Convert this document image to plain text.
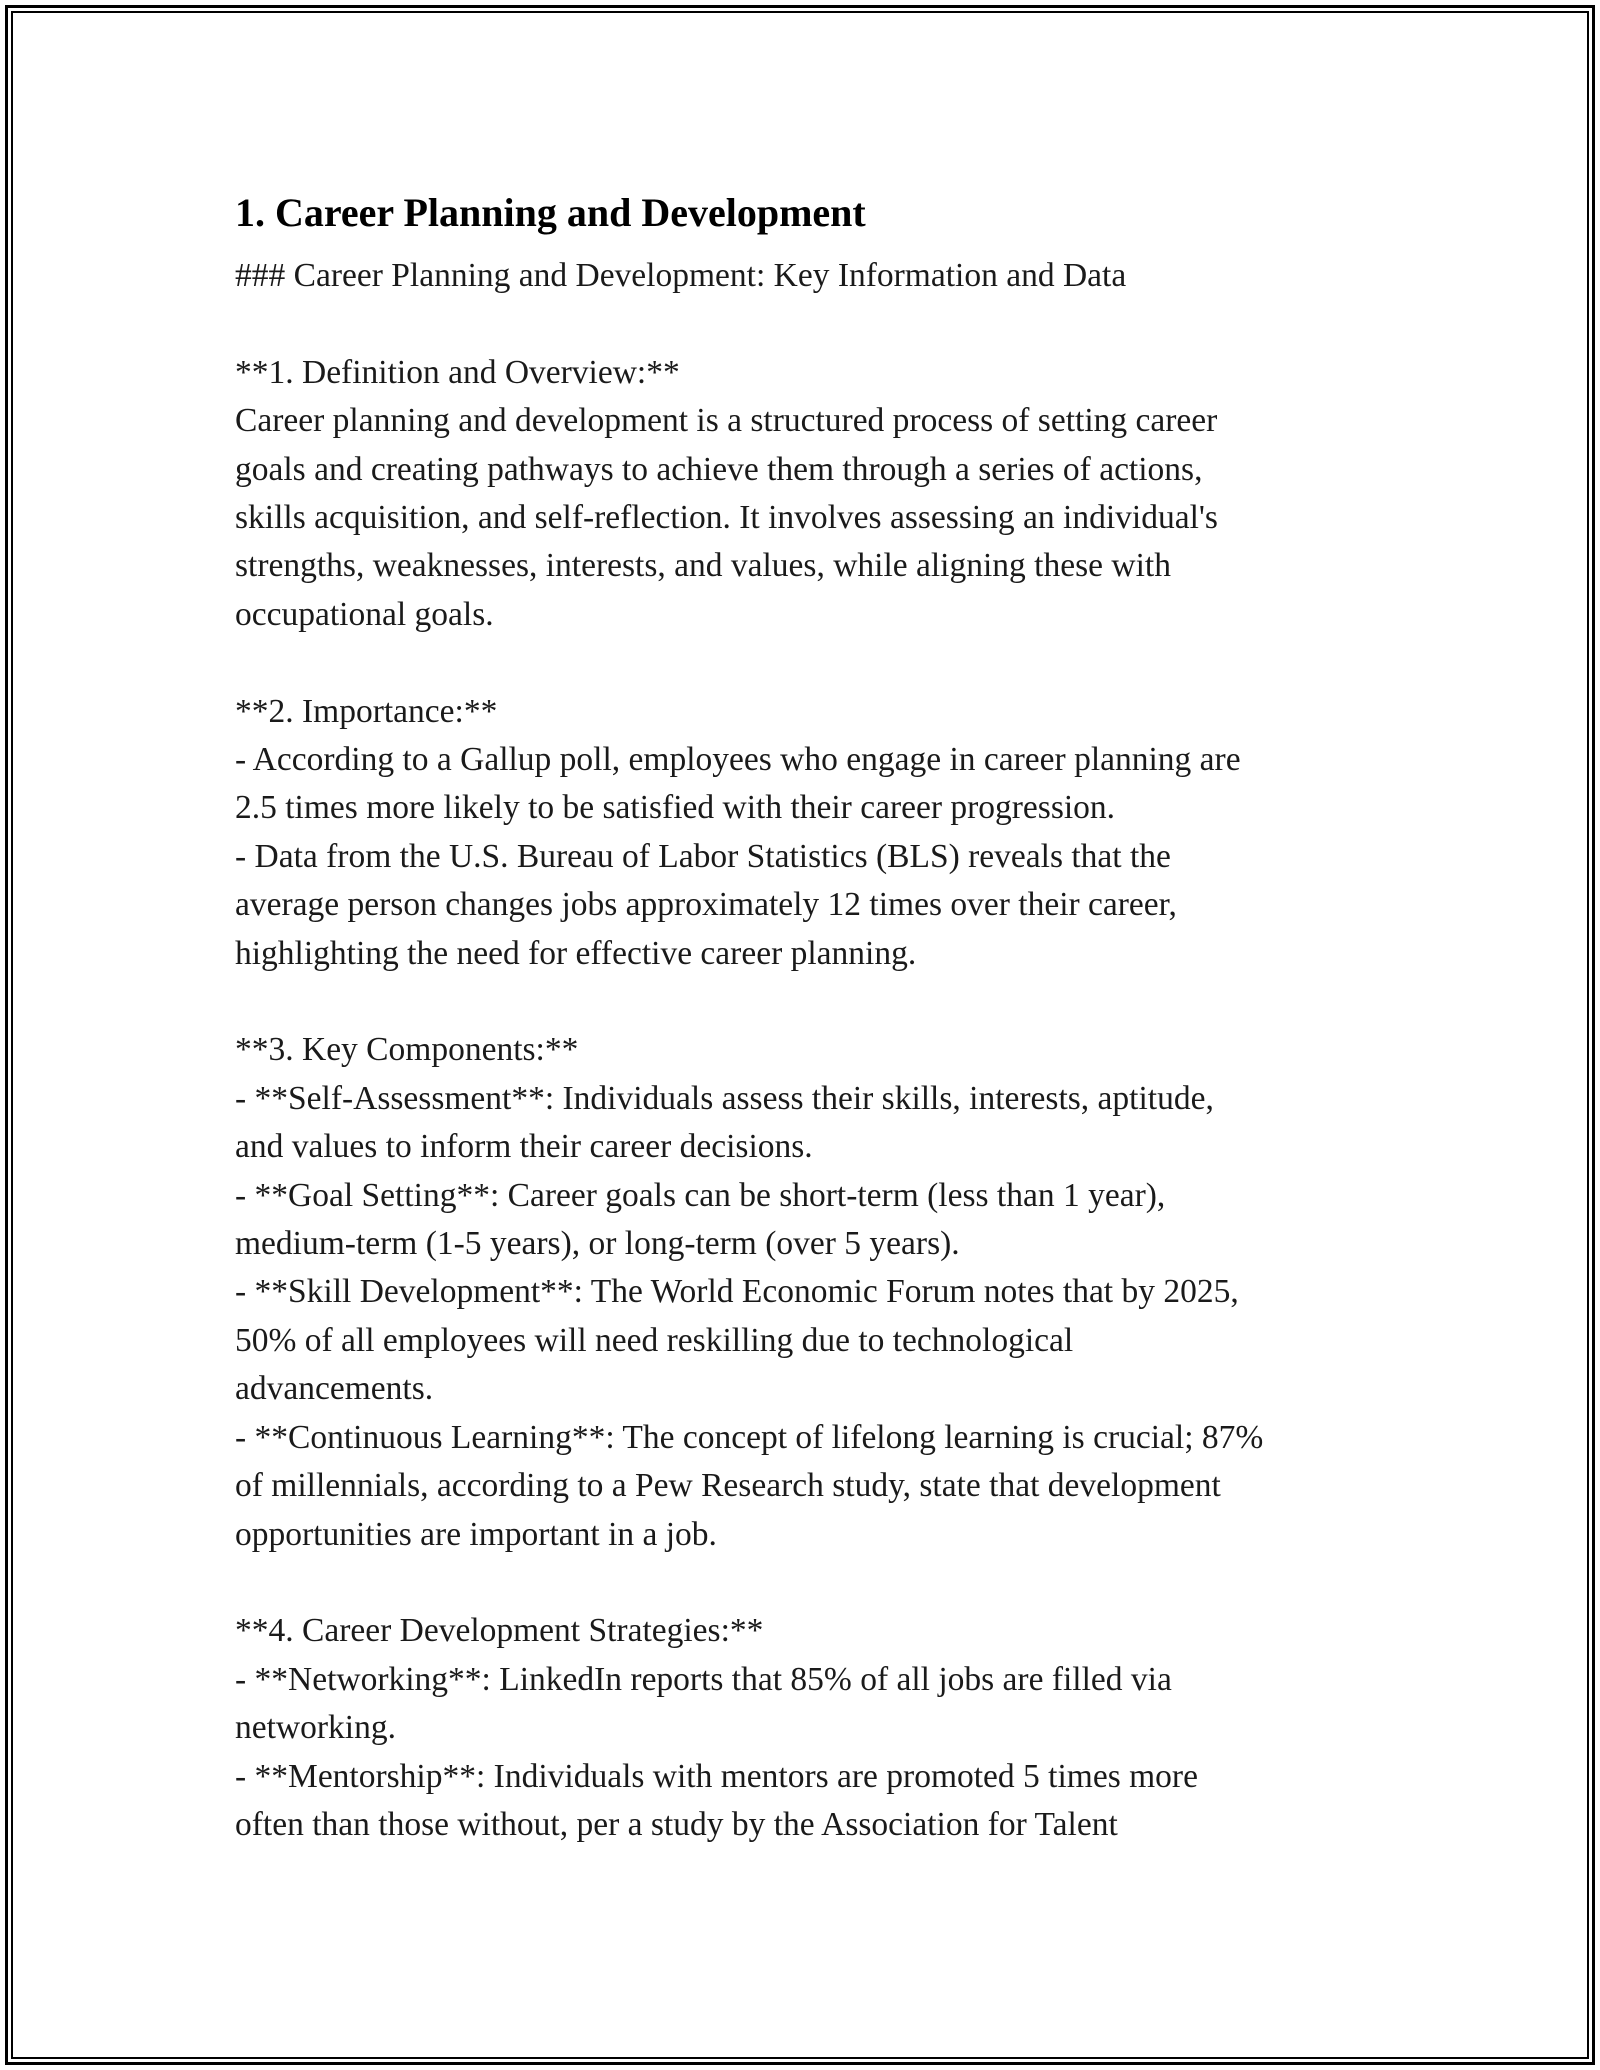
1. Career Planning and Development
### Career Planning and Development: Key Information and Data
**1. Definition and Overview:**
Career planning and development is a structured process of setting career
goals and creating pathways to achieve them through a series of actions,
skills acquisition, and self-reflection. It involves assessing an individual's
strengths, weaknesses, interests, and values, while aligning these with
occupational goals.
**2. Importance:**
- According to a Gallup poll, employees who engage in career planning are
2.5 times more likely to be satisfied with their career progression.
- Data from the U.S. Bureau of Labor Statistics (BLS) reveals that the
average person changes jobs approximately 12 times over their career,
highlighting the need for effective career planning.
**3. Key Components:**
- **Self-Assessment**: Individuals assess their skills, interests, aptitude,
and values to inform their career decisions.
- **Goal Setting**: Career goals can be short-term (less than 1 year),
medium-term (1-5 years), or long-term (over 5 years).
- **Skill Development**: The World Economic Forum notes that by 2025,
50% of all employees will need reskilling due to technological
advancements.
- **Continuous Learning**: The concept of lifelong learning is crucial; 87%
of millennials, according to a Pew Research study, state that development
opportunities are important in a job.
**4. Career Development Strategies:**
- **Networking**: LinkedIn reports that 85% of all jobs are filled via
networking.
- **Mentorship**: Individuals with mentors are promoted 5 times more
often than those without, per a study by the Association for Talent
